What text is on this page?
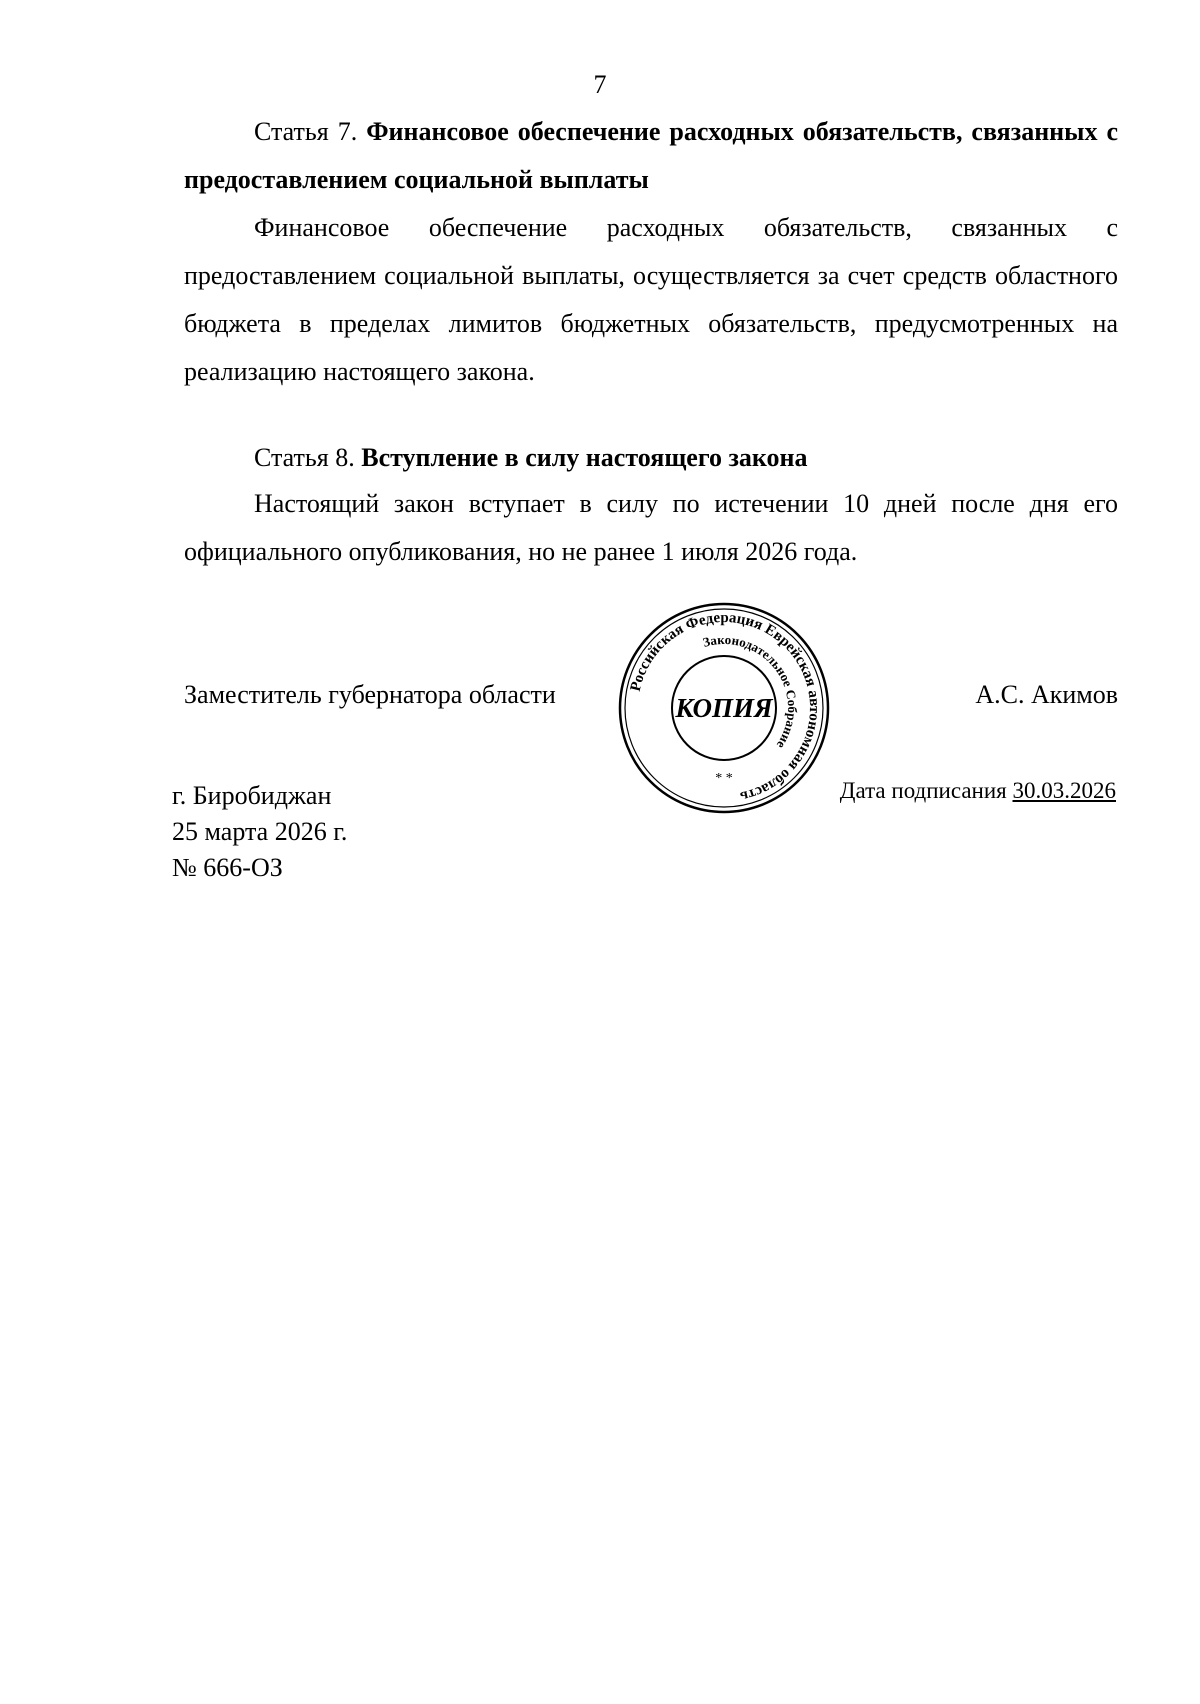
7
Статья 7. Финансовое обеспечение расходных обязательств, связанных с предоставлением социальной выплаты
Финансовое обеспечение расходных обязательств, связанных с предоставлением социальной выплаты, осуществляется за счет средств областного бюджета в пределах лимитов бюджетных обязательств, предусмотренных на реализацию настоящего закона.
Статья 8. Вступление в силу настоящего закона
Настоящий закон вступает в силу по истечении 10 дней после дня его официального опубликования, но не ранее 1 июля 2026 года.
Заместитель губернатора области	А.С. Акимов
Российская Федерация Еврейская автономная область
Законодательное Собрание
КОПИЯ
* *	Дата подписания 30.03.2026
г. Биробиджан
25 марта 2026 г.
№ 666-ОЗ
